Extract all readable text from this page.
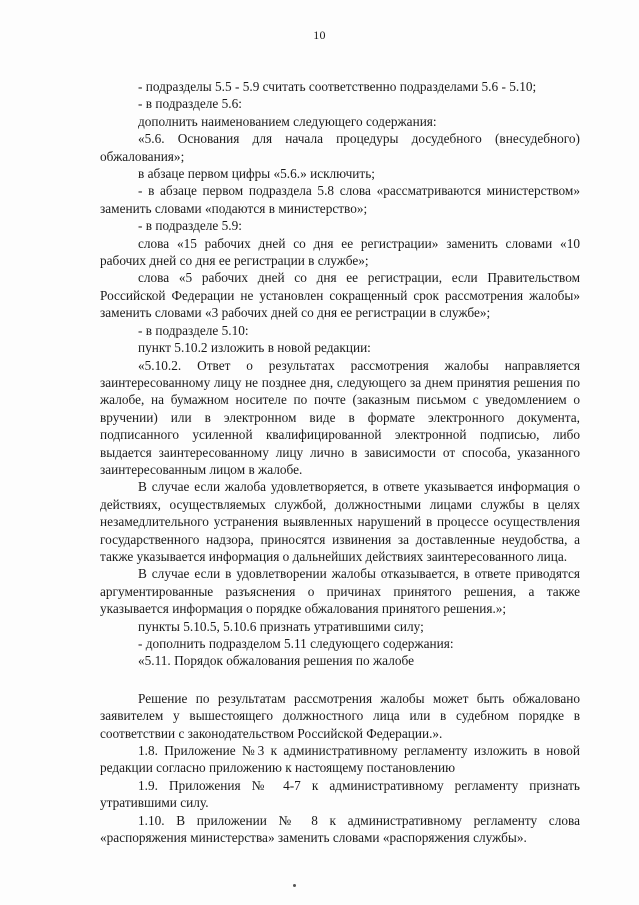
10

- подразделы 5.5 - 5.9 считать соответственно подразделами 5.6 - 5.10;

- в подразделе 5.6:

дополнить наименованием следующего содержания:

«5.6. Основания для начала процедуры досудебного (внесудебного) обжалования»;

в абзаце первом цифры «5.6.» исключить;

- в абзаце первом подраздела 5.8 слова «рассматриваются министерством» заменить словами «подаются в министерство»;

- в подразделе 5.9:

слова «15 рабочих дней со дня ее регистрации» заменить словами «10 рабочих дней со дня ее регистрации в службе»;

слова «5 рабочих дней со дня ее регистрации, если Правительством Российской Федерации не установлен сокращенный срок рассмотрения жалобы» заменить словами «3 рабочих дней со дня ее регистрации в службе»;

- в подразделе 5.10:

пункт 5.10.2 изложить в новой редакции:

«5.10.2. Ответ о результатах рассмотрения жалобы направляется заинтересованному лицу не позднее дня, следующего за днем принятия решения по жалобе, на бумажном носителе по почте (заказным письмом с уведомлением о вручении) или в электронном виде в формате электронного документа, подписанного усиленной квалифицированной электронной подписью, либо выдается заинтересованному лицу лично в зависимости от способа, указанного заинтересованным лицом в жалобе.

В случае если жалоба удовлетворяется, в ответе указывается информация о действиях, осуществляемых службой, должностными лицами службы в целях незамедлительного устранения выявленных нарушений в процессе осуществления государственного надзора, приносятся извинения за доставленные неудобства, а также указывается информация о дальнейших действиях заинтересованного лица.

В случае если в удовлетворении жалобы отказывается, в ответе приводятся аргументированные разъяснения о причинах принятого решения, а также указывается информация о порядке обжалования принятого решения.»;

пункты 5.10.5, 5.10.6 признать утратившими силу;

- дополнить подразделом 5.11 следующего содержания:

«5.11. Порядок обжалования решения по жалобе

Решение по результатам рассмотрения жалобы может быть обжаловано заявителем у вышестоящего должностного лица или в судебном порядке в соответствии с законодательством Российской Федерации.».

1.8. Приложение №3 к административному регламенту изложить в новой редакции согласно приложению к настоящему постановлению

1.9. Приложения № 4-7 к административному регламенту признать утратившими силу.

1.10. В приложении № 8 к административному регламенту слова «распоряжения министерства» заменить словами «распоряжения службы».
